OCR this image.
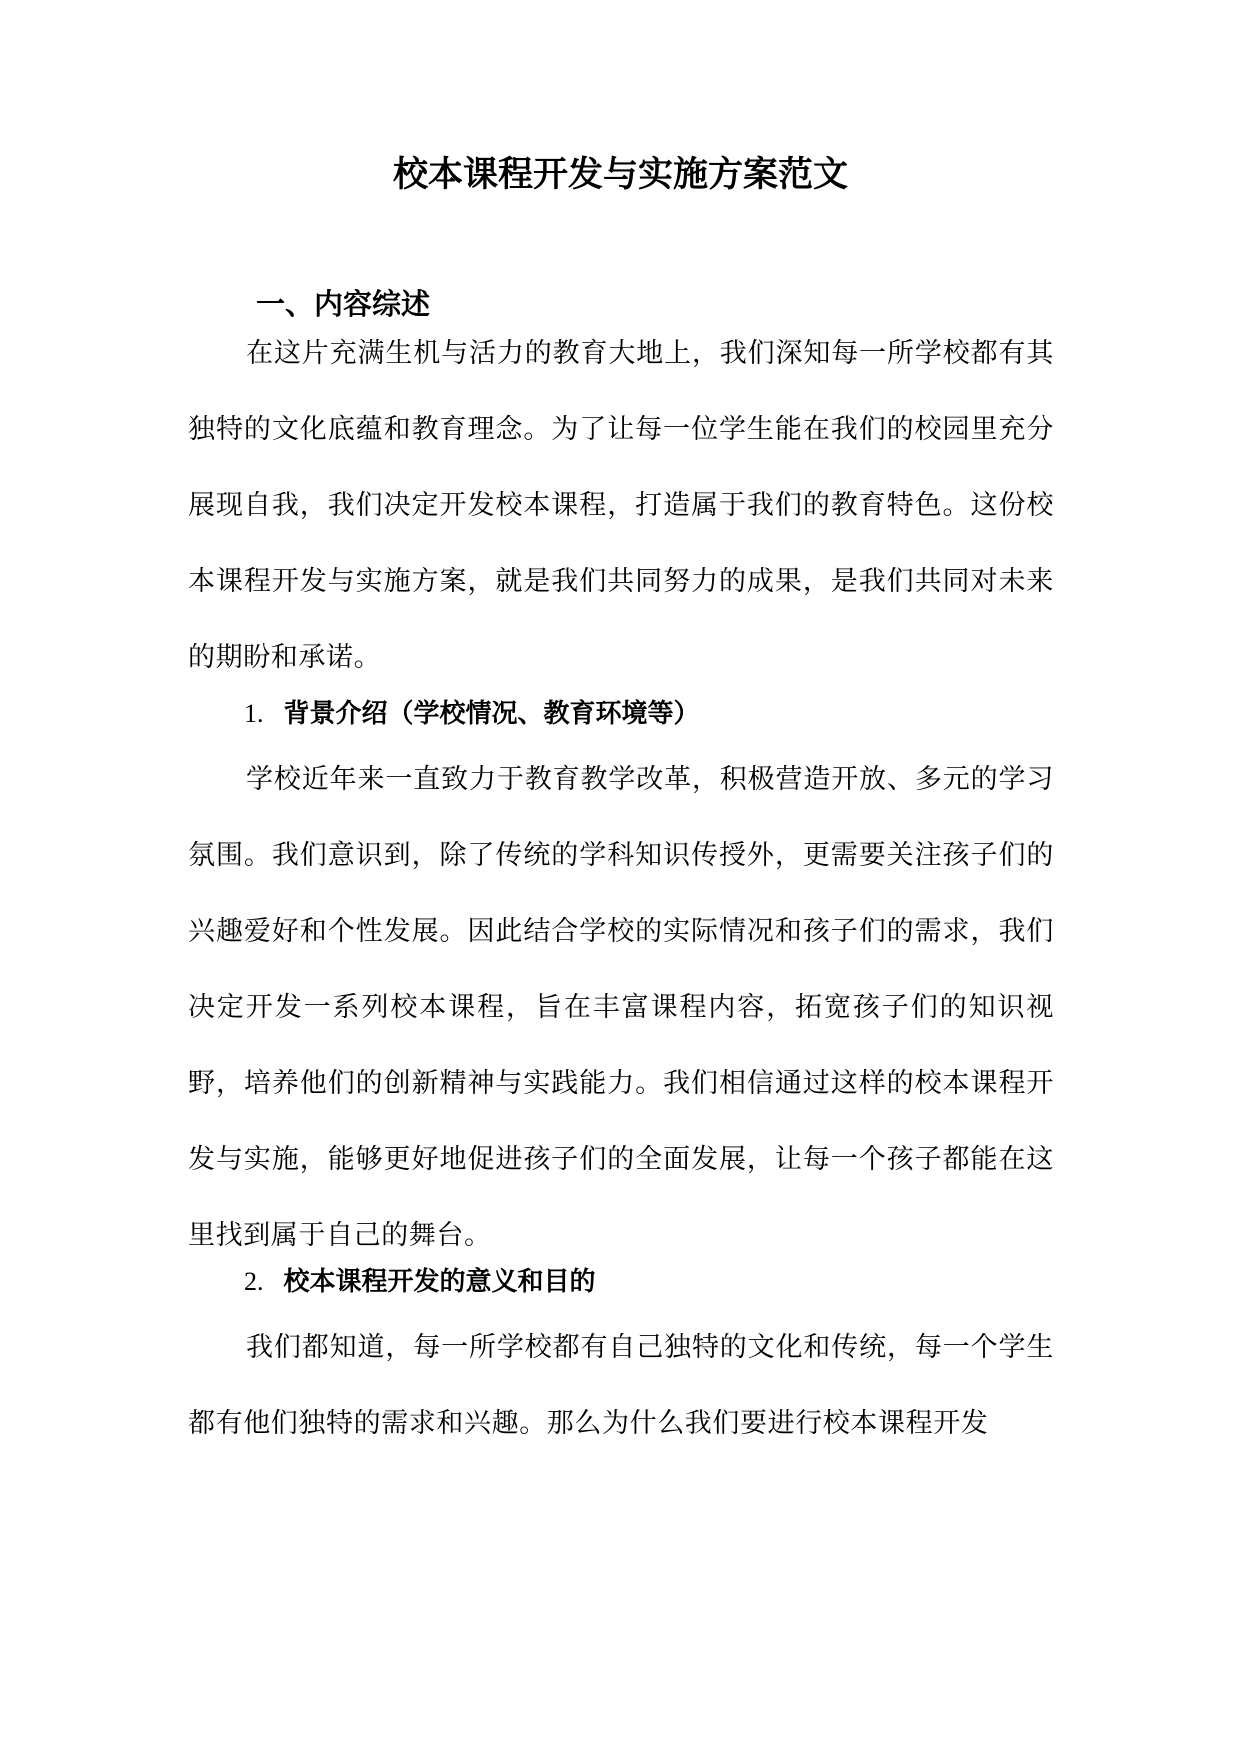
校本课程开发与实施方案范文
一、内容综述

在这片充满生机与活力的教育大地上，我们深知每一所学校都有其独特的文化底蕴和教育理念。为了让每一位学生能在我们的校园里充分展现自我，我们决定开发校本课程，打造属于我们的教育特色。这份校本课程开发与实施方案，就是我们共同努力的成果，是我们共同对未来的期盼和承诺。

1. 背景介绍（学校情况、教育环境等）

学校近年来一直致力于教育教学改革，积极营造开放、多元的学习氛围。我们意识到，除了传统的学科知识传授外，更需要关注孩子们的兴趣爱好和个性发展。因此结合学校的实际情况和孩子们的需求，我们决定开发一系列校本课程，旨在丰富课程内容，拓宽孩子们的知识视野，培养他们的创新精神与实践能力。我们相信通过这样的校本课程开发与实施，能够更好地促进孩子们的全面发展，让每一个孩子都能在这里找到属于自己的舞台。

2. 校本课程开发的意义和目的

我们都知道，每一所学校都有自己独特的文化和传统，每一个学生都有他们独特的需求和兴趣。那么为什么我们要进行校本课程开发
